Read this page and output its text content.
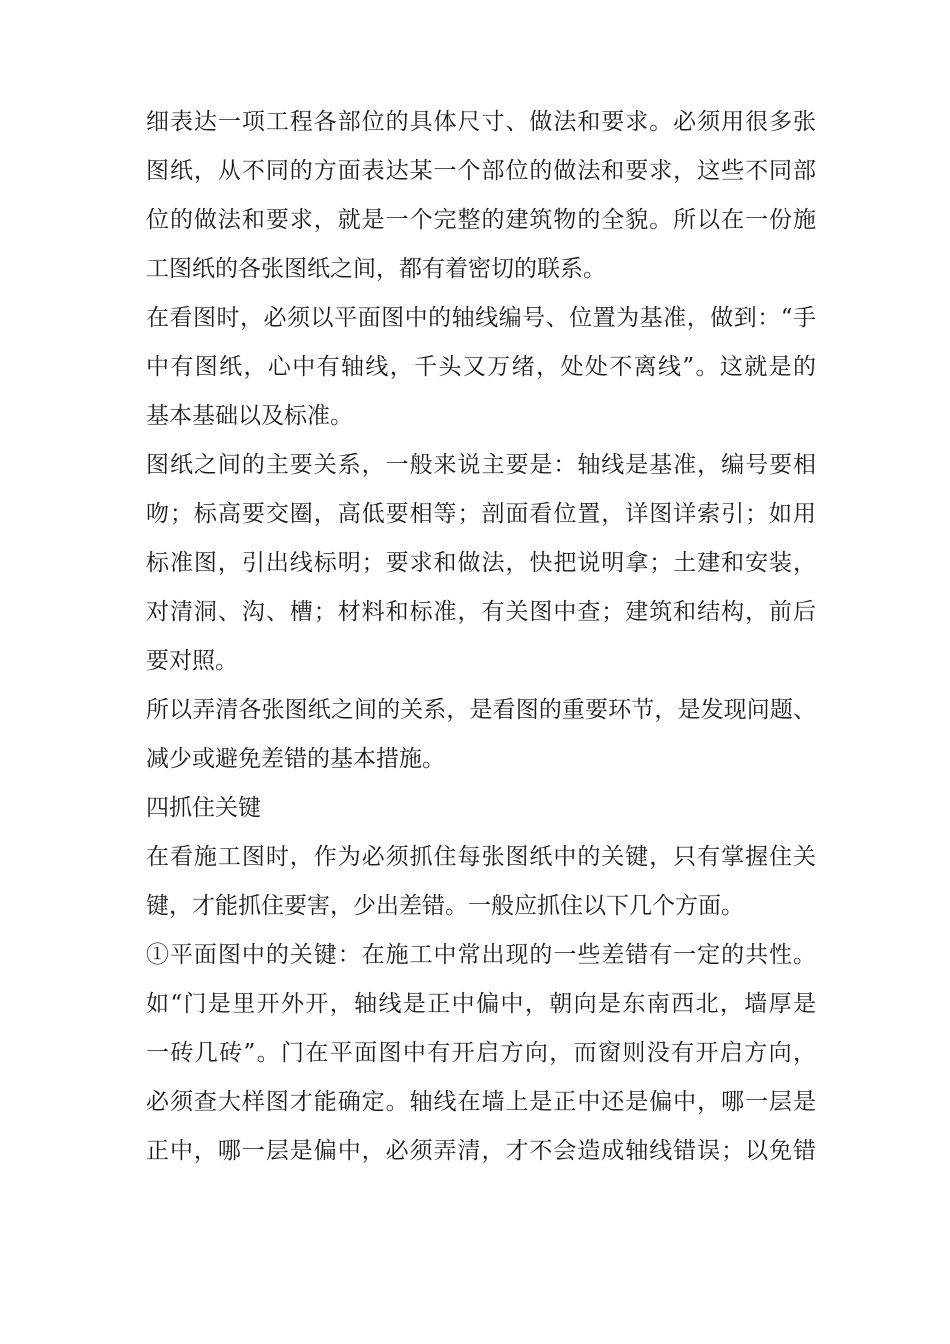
细表达一项工程各部位的具体尺寸、做法和要求。必须用很多张
图纸，从不同的方面表达某一个部位的做法和要求，这些不同部
位的做法和要求，就是一个完整的建筑物的全貌。所以在一份施
工图纸的各张图纸之间，都有着密切的联系。
在看图时，必须以平面图中的轴线编号、位置为基准，做到：“手
中有图纸，心中有轴线，千头又万绪，处处不离线”。这就是的
基本基础以及标准。
图纸之间的主要关系，一般来说主要是：轴线是基准，编号要相
吻；标高要交圈，高低要相等；剖面看位置，详图详索引；如用
标准图，引出线标明；要求和做法，快把说明拿；土建和安装，
对清洞、沟、槽；材料和标准，有关图中查；建筑和结构，前后
要对照。
所以弄清各张图纸之间的关系，是看图的重要环节，是发现问题、
减少或避免差错的基本措施。
四抓住关键
在看施工图时，作为必须抓住每张图纸中的关键，只有掌握住关
键，才能抓住要害，少出差错。一般应抓住以下几个方面。
①平面图中的关键：在施工中常出现的一些差错有一定的共性。
如“门是里开外开，轴线是正中偏中，朝向是东南西北，墙厚是
一砖几砖”。门在平面图中有开启方向，而窗则没有开启方向，
必须查大样图才能确定。轴线在墙上是正中还是偏中，哪一层是
正中，哪一层是偏中，必须弄清，才不会造成轴线错误；以免错
